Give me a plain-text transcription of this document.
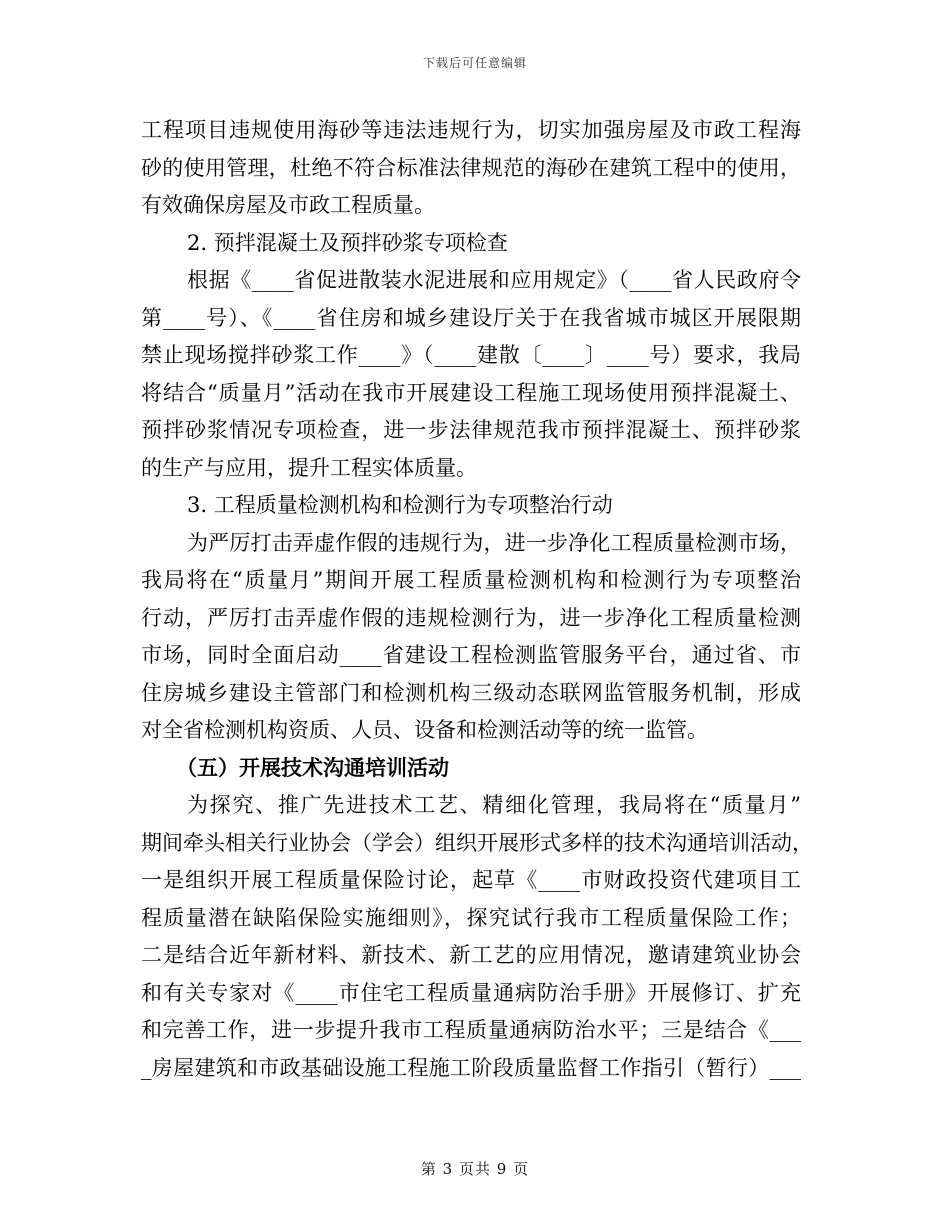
下载后可任意编辑
工程项目违规使用海砂等违法违规行为，切实加强房屋及市政工程海
砂的使用管理，杜绝不符合标准法律规范的海砂在建筑工程中的使用，
有效确保房屋及市政工程质量。
2. 预拌混凝土及预拌砂浆专项检查
根据《____省促进散装水泥进展和应用规定》（____省人民政府令
第____号）、《____省住房和城乡建设厅关于在我省城市城区开展限期
禁止现场搅拌砂浆工作____》（____建散〔____〕____号）要求，我局
将结合“质量月”活动在我市开展建设工程施工现场使用预拌混凝土、
预拌砂浆情况专项检查，进一步法律规范我市预拌混凝土、预拌砂浆
的生产与应用，提升工程实体质量。
3. 工程质量检测机构和检测行为专项整治行动
为严厉打击弄虚作假的违规行为，进一步净化工程质量检测市场，
我局将在“质量月”期间开展工程质量检测机构和检测行为专项整治
行动，严厉打击弄虚作假的违规检测行为，进一步净化工程质量检测
市场，同时全面启动____省建设工程检测监管服务平台，通过省、市
住房城乡建设主管部门和检测机构三级动态联网监管服务机制，形成
对全省检测机构资质、人员、设备和检测活动等的统一监管。
（五）开展技术沟通培训活动
为探究、推广先进技术工艺、精细化管理，我局将在“质量月”
期间牵头相关行业协会（学会）组织开展形式多样的技术沟通培训活动，
一是组织开展工程质量保险讨论，起草《____市财政投资代建项目工
程质量潜在缺陷保险实施细则》，探究试行我市工程质量保险工作；
二是结合近年新材料、新技术、新工艺的应用情况，邀请建筑业协会
和有关专家对《____市住宅工程质量通病防治手册》开展修订、扩充
和完善工作，进一步提升我市工程质量通病防治水平；三是结合《___
_房屋建筑和市政基础设施工程施工阶段质量监督工作指引（暂行）___
第 3 页共 9 页
